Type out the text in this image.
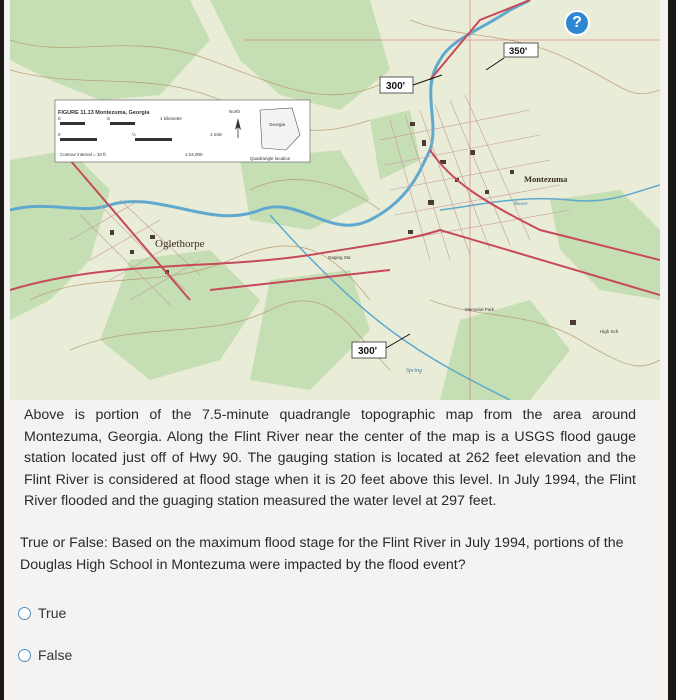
FIGURE 11.13 Montezuma, Georgia
0	.5	1 kilometer
0	½	1 mile
Contour interval = 10 ft.	1:24,000
North
Quadrangle location
Georgia
Oglethorpe
Montezuma
Beaver
Spring
Memorial Park
High Sch
Gaging Sta
300'
350'
300'
?

Above is portion of the 7.5-minute quadrangle topographic map from the area around Montezuma, Georgia. Along the Flint River near the center of the map is a USGS flood gauge station located just off of Hwy 90. The gauging station is located at 262 feet elevation and the Flint River is considered at flood stage when it is 20 feet above this level. In July 1994, the Flint River flooded and the guaging station measured the water level at 297 feet.

True or False: Based on the maximum flood stage for the Flint River in July 1994, portions of the Douglas High School in Montezuma were impacted by the flood event?

True
False
